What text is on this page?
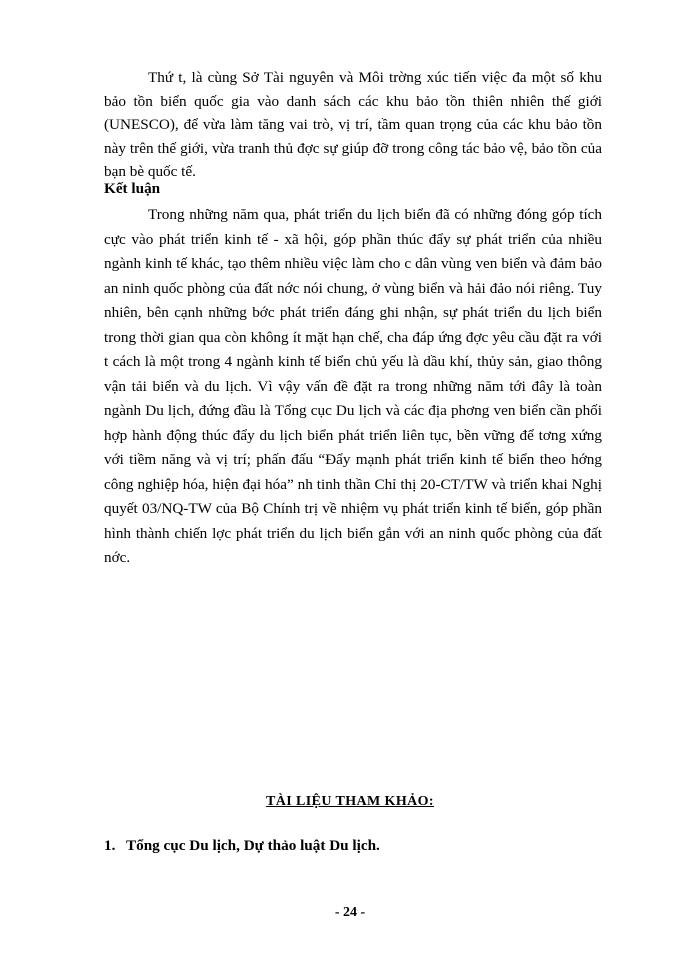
Thứ t, là cùng Sở Tài nguyên và Môi trờng xúc tiến việc đa một số khu bảo tồn biển quốc gia vào danh sách các khu bảo tồn thiên nhiên thế giới (UNESCO), để vừa làm tăng vai trò, vị trí, tầm quan trọng của các khu bảo tồn này trên thế giới, vừa tranh thủ đợc sự giúp đỡ trong công tác bảo vệ, bảo tồn của bạn bè quốc tế.

Kết luận

Trong những năm qua, phát triển du lịch biển đã có những đóng góp tích cực vào phát triển kinh tế - xã hội, góp phần thúc đẩy sự phát triển của nhiều ngành kinh tế khác, tạo thêm nhiều việc làm cho c dân vùng ven biển và đảm bảo an ninh quốc phòng của đất nớc nói chung, ở vùng biển và hải đảo nói riêng. Tuy nhiên, bên cạnh những bớc phát triển đáng ghi nhận, sự phát triển du lịch biển trong thời gian qua còn không ít mặt hạn chế, cha đáp ứng đợc yêu cầu đặt ra với t cách là một trong 4 ngành kinh tế biển chủ yếu là dầu khí, thủy sản, giao thông vận tải biển và du lịch. Vì vậy vấn đề đặt ra trong những năm tới đây là toàn ngành Du lịch, đứng đầu là Tổng cục Du lịch và các địa phơng ven biển cần phối hợp hành động thúc đẩy du lịch biển phát triển liên tục, bền vững để tơng xứng với tiềm năng và vị trí; phấn đấu “Đẩy mạnh phát triển kinh tế biển theo hớng công nghiệp hóa, hiện đại hóa” nh tinh thần Chỉ thị 20-CT/TW và triển khai Nghị quyết 03/NQ-TW của Bộ Chính trị về nhiệm vụ phát triển kinh tế biển, góp phần hình thành chiến lợc phát triển du lịch biển gắn với an ninh quốc phòng của đất nớc.

TÀI LIỆU THAM KHẢO:

1. Tổng cục Du lịch, Dự thảo luật Du lịch.

- 24 -
